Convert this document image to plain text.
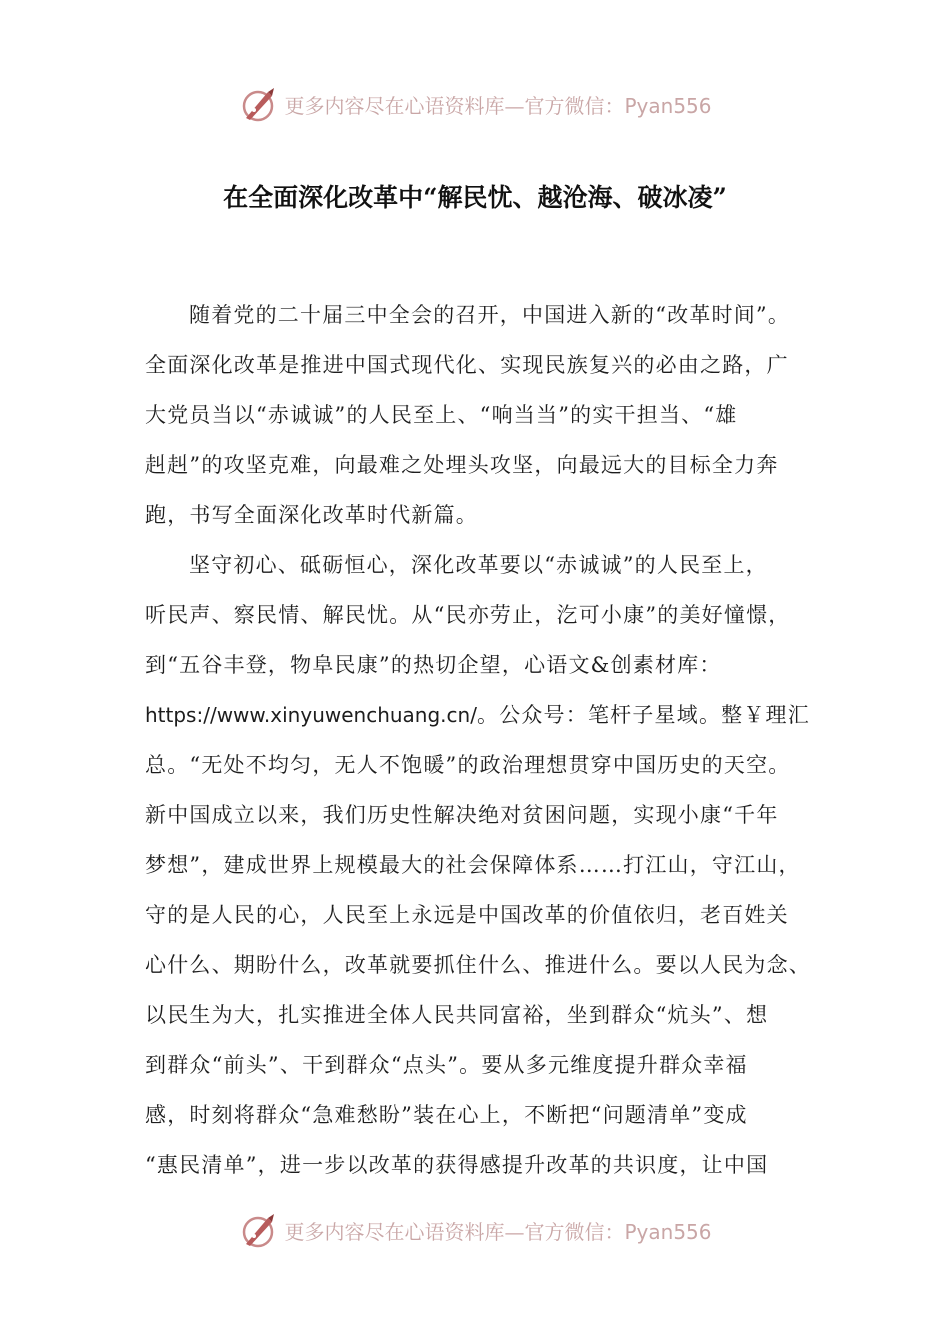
更多内容尽在心语资料库—官方微信：Pyan556
在全面深化改革中“解民忧、越沧海、破冰凌”
随着党的二十届三中全会的召开，中国进入新的“改革时间”。
全面深化改革是推进中国式现代化、实现民族复兴的必由之路，广
大党员当以“赤诚诚”的人民至上、“响当当”的实干担当、“雄
赳赳”的攻坚克难，向最难之处埋头攻坚，向最远大的目标全力奔
跑，书写全面深化改革时代新篇。
坚守初心、砥砺恒心，深化改革要以“赤诚诚”的人民至上，
听民声、察民情、解民忧。从“民亦劳止，汔可小康”的美好憧憬，
到“五谷丰登，物阜民康”的热切企望，心语文&创素材库：
https://www.xinyuwenchuang.cn/。公众号：笔杆子星域。整￥理汇
总。“无处不均匀，无人不饱暖”的政治理想贯穿中国历史的天空。
新中国成立以来，我们历史性解决绝对贫困问题，实现小康“千年
梦想”，建成世界上规模最大的社会保障体系……打江山，守江山，
守的是人民的心，人民至上永远是中国改革的价值依归，老百姓关
心什么、期盼什么，改革就要抓住什么、推进什么。要以人民为念、
以民生为大，扎实推进全体人民共同富裕，坐到群众“炕头”、想
到群众“前头”、干到群众“点头”。要从多元维度提升群众幸福
感，时刻将群众“急难愁盼”装在心上，不断把“问题清单”变成
“惠民清单”，进一步以改革的获得感提升改革的共识度，让中国
更多内容尽在心语资料库—官方微信：Pyan556
